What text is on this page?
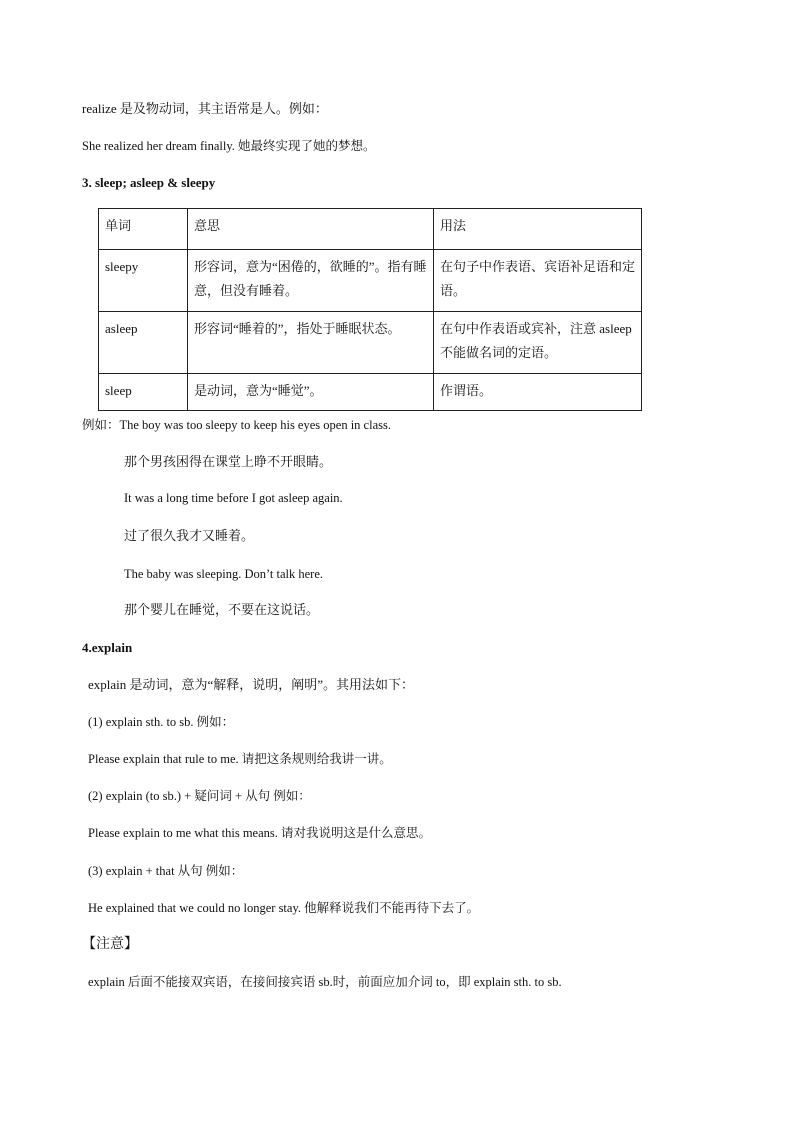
realize 是及物动词，其主语常是人。例如：
She realized her dream finally. 她最终实现了她的梦想。
3. sleep; asleep & sleepy
单词	意思	用法

sleepy	形容词，意为“困倦的，欲睡的”。指有睡意，但没有睡着。	在句子中作表语、宾语补足语和定语。

asleep	形容词“睡着的”，指处于睡眠状态。	在句中作表语或宾补，注意 asleep 不能做名词的定语。

sleep	是动词，意为“睡觉”。	作谓语。
例如：The boy was too sleepy to keep his eyes open in class.
那个男孩困得在课堂上睁不开眼睛。
It was a long time before I got asleep again.
过了很久我才又睡着。
The baby was sleeping. Don’t talk here.
那个婴儿在睡觉，不要在这说话。
4.explain
explain 是动词，意为“解释，说明，阐明”。其用法如下：
(1) explain sth. to sb. 例如：
Please explain that rule to me. 请把这条规则给我讲一讲。
(2) explain (to sb.) + 疑问词 + 从句 例如：
Please explain to me what this means. 请对我说明这是什么意思。
(3) explain + that 从句 例如：
He explained that we could no longer stay. 他解释说我们不能再待下去了。
【注意】
explain 后面不能接双宾语，在接间接宾语 sb.时，前面应加介词 to，即 explain sth. to sb.
